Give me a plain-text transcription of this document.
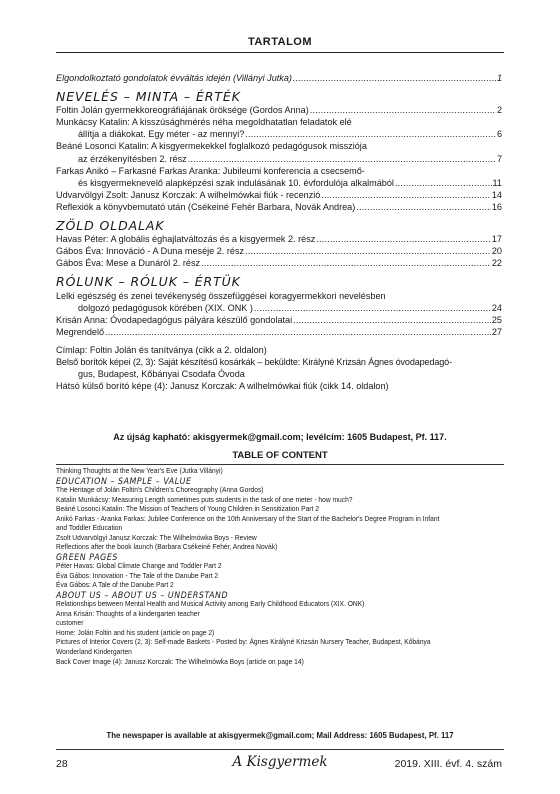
TARTALOM
Elgondolkoztató gondolatok évváltás idején (Villányi Jutka) .....	1
NEVELÉS – MINTA – ÉRTÉK
Foltin Jolán gyermekkoreográfiájának öröksége (Gordos Anna) .....	2
Munkácsy Katalin: A kisszúsághmérés néha megoldhatatlan feladatok elé
állítja a diákokat. Egy méter - az mennyi? .....	6
Beáné Losonci Katalin: A kisgyermekekkel foglalkozó pedagógusok missziója
az érzékenyítésben 2. rész .....	7
Farkas Anikó – Farkasné Farkas Aranka: Jubileumi konferencia a csecsemő-
és kisgyermeknevelő alapképzési szak indulásának 10. évfordulója alkalmából .....	11
Udvarvölgyi Zsolt: Janusz Korczak: A wilhelmówkai fiúk - recenzió .....	14
Reflexiók a könyvbemutató után (Csékeiné Fehér Barbara, Novák Andrea) .....	16
ZÖLD OLDALAK
Havas Péter: A globális éghajlatváltozás és a kisgyermek 2. rész .....	17
Gábos Éva: Innováció - A Duna meséje 2. rész .....	20
Gábos Éva: Mese a Dunáról 2. rész .....	22
RÓLUNK – RÓLUK – ÉRTÜK
Lelki egészség és zenei tevékenység összefüggései koragyermekkori nevelésben
dolgozó pedagógusok körében (XIX. ONK ) .....	24
Krisán Anna: Óvodapedagógus pályára készülő gondolatai .....	25
Megrendelő .....	27
Címlap: Foltin Jolán és tanítványa (cikk a 2. oldalon)
Belső borítók képei (2, 3): Saját készítésű kosárkák – beküldte: Királyné Krizsán Ágnes óvodapedagó-
gus, Budapest, Kőbányai Csodafa Óvoda
Hátsó külső borító képe (4): Janusz Korczak: A wilhelmówkai fiúk (cikk 14. oldalon)
Az újság kapható: akisgyermek@gmail.com; levélcím: 1605 Budapest, Pf. 117.
TABLE OF CONTENT
Thinking Thoughts at the New Year's Eve (Jutka Villányi)
EDUCATION – SAMPLE – VALUE
The Heritage of Jolán Foltin's Children's Choreography (Anna Gordos)
Katalin Munkácsy: Measuring Length sometimes puts students in the task of one meter - how much?
Beáné Losonci Katalin: The Mission of Teachers of Young Children in Sensitization Part 2
Anikó Farkas - Aranka Farkas: Jubilee Conference on the 10th Anniversary of the Start of the Bachelor's Degree Program in Infant
and Toddler Education
Zsolt Udvarvölgyi Janusz Korczak: The Wilhelmówka Boys - Review
Reflections after the book launch (Barbara Csékeiné Fehér, Andrea Novák)
GREEN PAGES
Péter Havas: Global Climate Change and Toddler Part 2
Éva Gábos: Innovation - The Tale of the Danube Part 2
Éva Gábos: A Tale of the Danube Part 2
ABOUT US – ABOUT US – UNDERSTAND
Relationships between Mental Health and Musical Activity among Early Childhood Educators (XIX. ONK)
Anna Krisán: Thoughts of a kindergarten teacher
customer
Home: Jolán Foltin and his student (article on page 2)
Pictures of Interior Covers (2, 3): Self-made Baskets - Posted by: Ágnes Királyné Krizsán Nursery Teacher, Budapest, Kőbánya
Wonderland Kindergarten
Back Cover Image (4): Janusz Korczak: The Wilhelmówka Boys (article on page 14)
The newspaper is available at akisgyermek@gmail.com; Mail Address: 1605 Budapest, Pf. 117
28	A Kisgyermek	2019. XIII. évf. 4. szám
